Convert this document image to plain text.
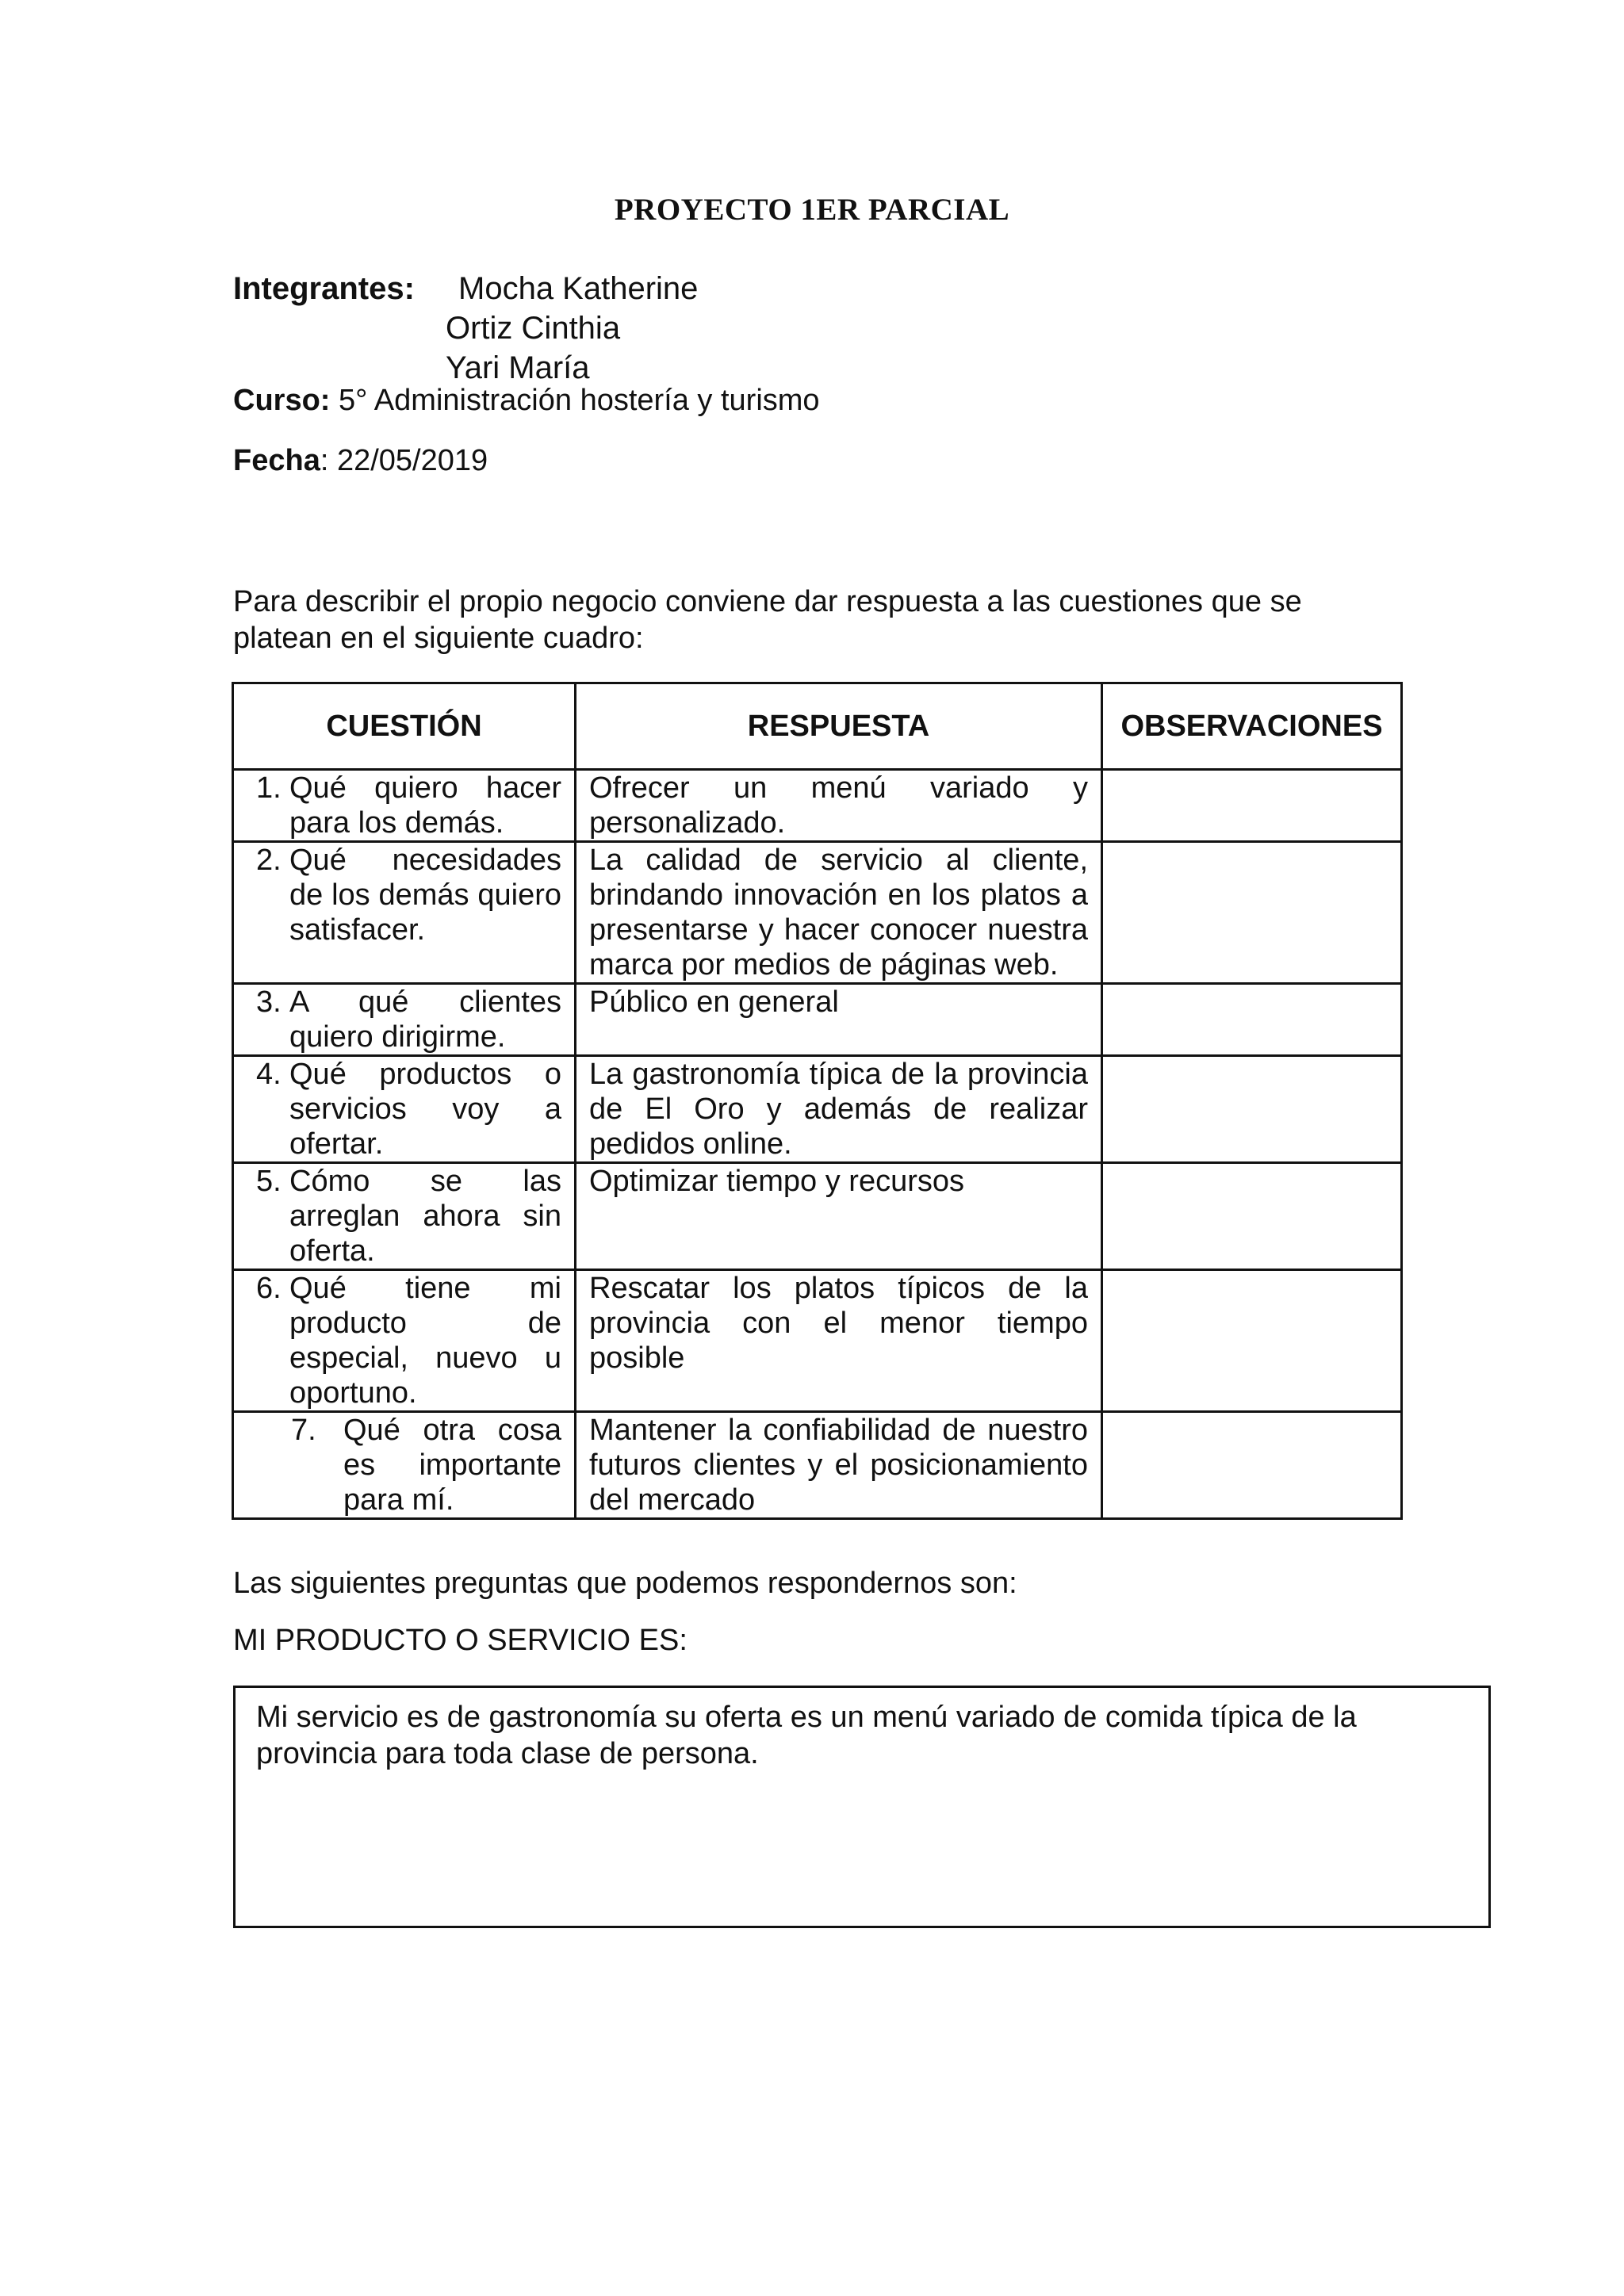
PROYECTO 1ER PARCIAL
Integrantes: Mocha Katherine
Ortiz Cinthia
Yari María
Curso: 5° Administración hostería y turismo
Fecha: 22/05/2019
Para describir el propio negocio conviene dar respuesta a las cuestiones que se platean en el siguiente cuadro:
CUESTIÓN	RESPUESTA	OBSERVACIONES

1. Qué quiero hacer para los demás.	Ofrecer un menú variado y personalizado.	

2. Qué necesidades de los demás quiero satisfacer.	La calidad de servicio al cliente, brindando innovación en los platos a presentarse y hacer conocer nuestra marca por medios de páginas web.	

3. A qué clientes quiero dirigirme.	Público en general	

4. Qué productos o servicios voy a ofertar.	La gastronomía típica de la provincia de El Oro y además de realizar pedidos online.	

5. Cómo se las arreglan ahora sin oferta.	Optimizar tiempo y recursos	

6. Qué tiene mi producto de especial, nuevo u oportuno.	Rescatar los platos típicos de la provincia con el menor tiempo posible	

7. Qué otra cosa es importante para mí.	Mantener la confiabilidad de nuestro futuros clientes y el posicionamiento del mercado	
Las siguientes preguntas que podemos respondernos son:
MI PRODUCTO O SERVICIO ES:
Mi servicio es de gastronomía su oferta es un menú variado de comida típica de la provincia para toda clase de persona.
